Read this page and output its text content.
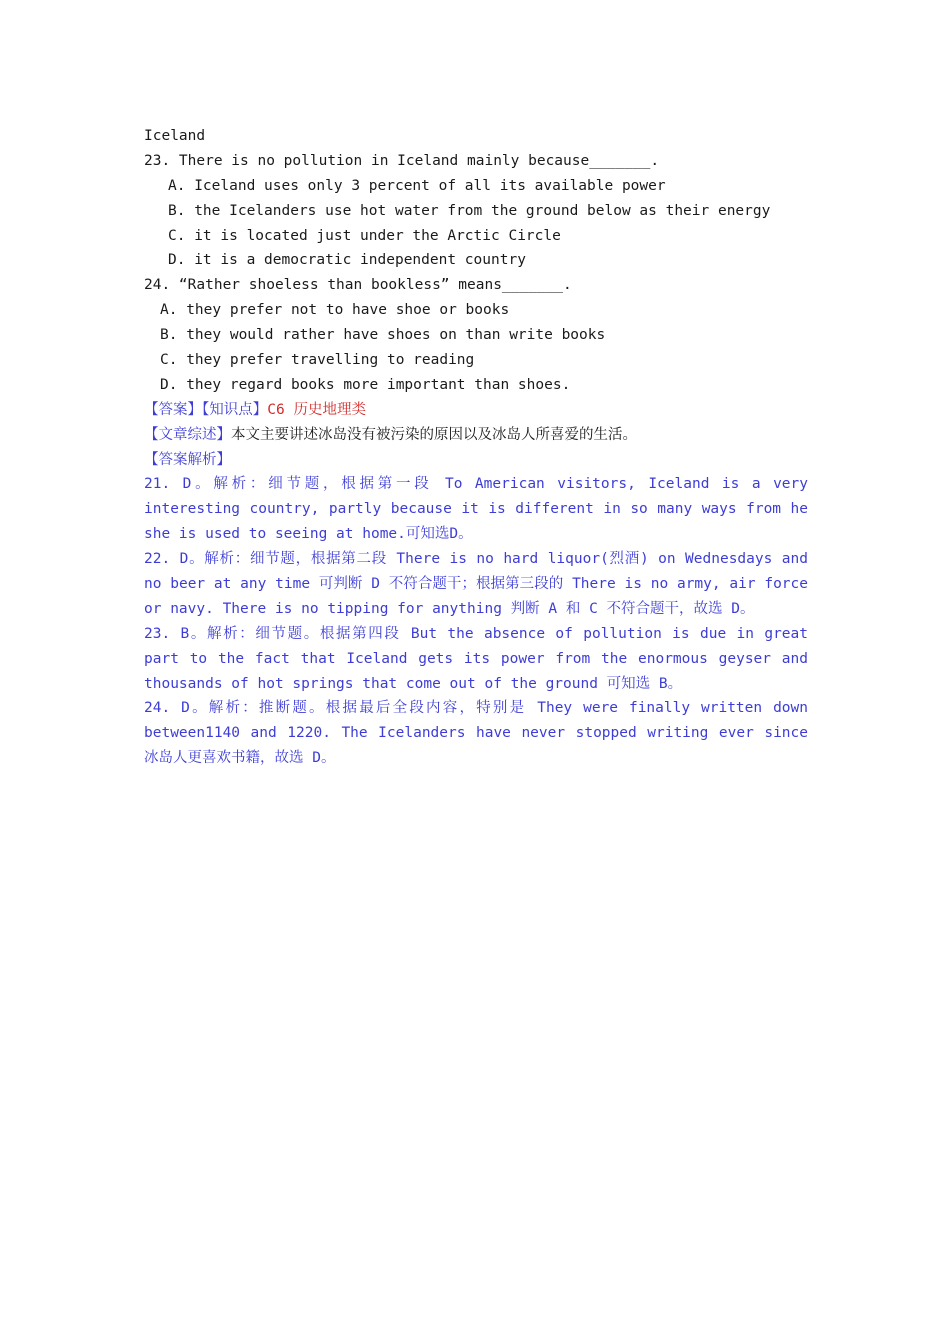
Iceland
23. There is no pollution in Iceland mainly because_______.
A. Iceland uses only 3 percent of all its available power
B. the Icelanders use hot water from the ground below as their energy
C. it is located just under the Arctic Circle
D. it is a democratic independent country
24. “Rather shoeless than bookless” means_______.
A. they prefer not to have shoe or books
B. they would rather have shoes on than write books
C. they prefer travelling to reading
D. they regard books more important than shoes.
【答案】【知识点】C6 历史地理类
【文章综述】本文主要讲述冰岛没有被污染的原因以及冰岛人所喜爱的生活。
【答案解析】
21. D。解析：细节题，根据第一段 To American visitors, Iceland is a very
interesting country, partly because it is different in so many ways from he
she is used to seeing at home.可知选D。
22. D。解析：细节题，根据第二段 There is no hard liquor(烈酒) on Wednesdays and
no beer at any time 可判断 D 不符合题干；根据第三段的 There is no army, air force
or navy. There is no tipping for anything 判断 A 和 C 不符合题干，故选 D。
23. B。解析：细节题。根据第四段 But the absence of pollution is due in great
part to the fact that Iceland gets its power from the enormous geyser and
thousands of hot springs that come out of the ground 可知选 B。
24. D。解析：推断题。根据最后全段内容，特别是 They were finally written down
between1140 and 1220. The Icelanders have never stopped writing ever since
冰岛人更喜欢书籍，故选 D。
